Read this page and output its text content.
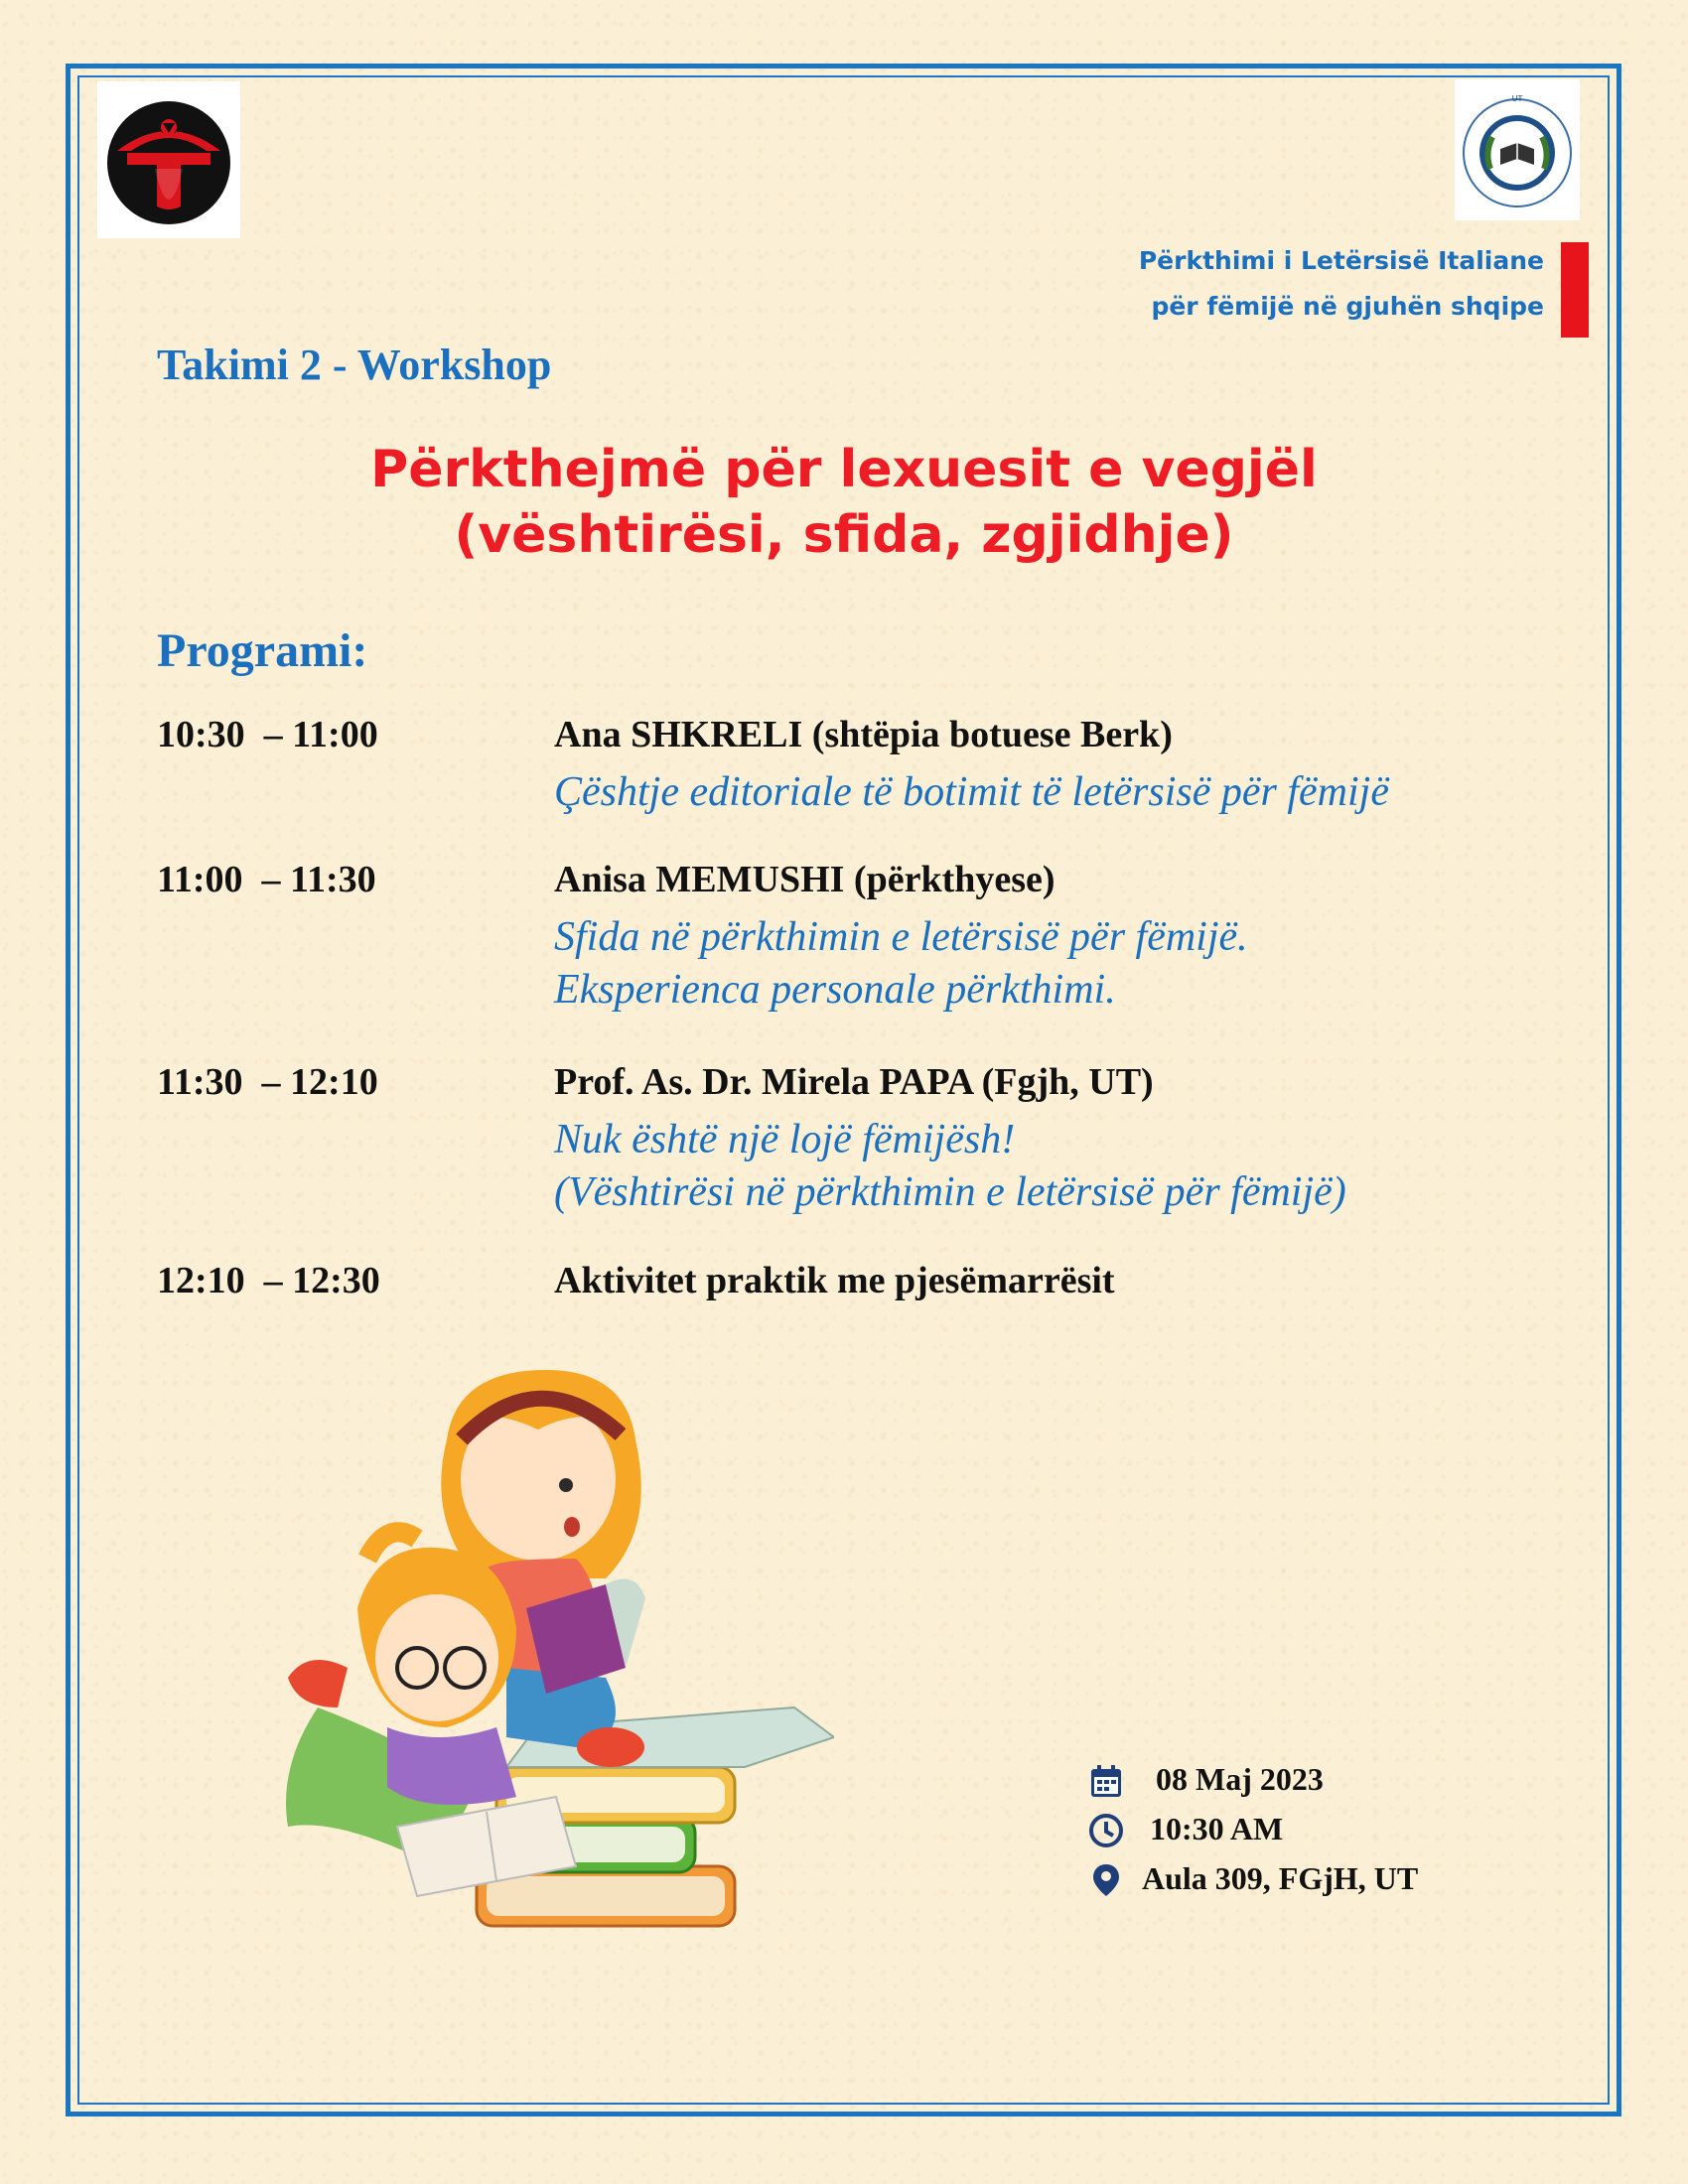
UT
Përkthimi i Letërsisë Italiane
për fëmijë në gjuhën shqipe
Takimi 2 - Workshop
Përkthejmë për lexuesit e vegjël
(vështirësi, sfida, zgjidhje)
Programi:
10:30  – 11:00	Ana SHKRELI (shtëpia botuese Berk)
Çështje editoriale të botimit të letërsisë për fëmijë
11:00  – 11:30	Anisa MEMUSHI (përkthyese)
Sfida në përkthimin e letërsisë për fëmijë.
Eksperienca personale përkthimi.
11:30  – 12:10	Prof. As. Dr. Mirela PAPA (Fgjh, UT)
Nuk është një lojë fëmijësh!
(Vështirësi në përkthimin e letërsisë për fëmijë)
12:10  – 12:30	Aktivitet praktik me pjesëmarrësit
08 Maj 2023
10:30 AM
Aula 309, FGjH, UT
